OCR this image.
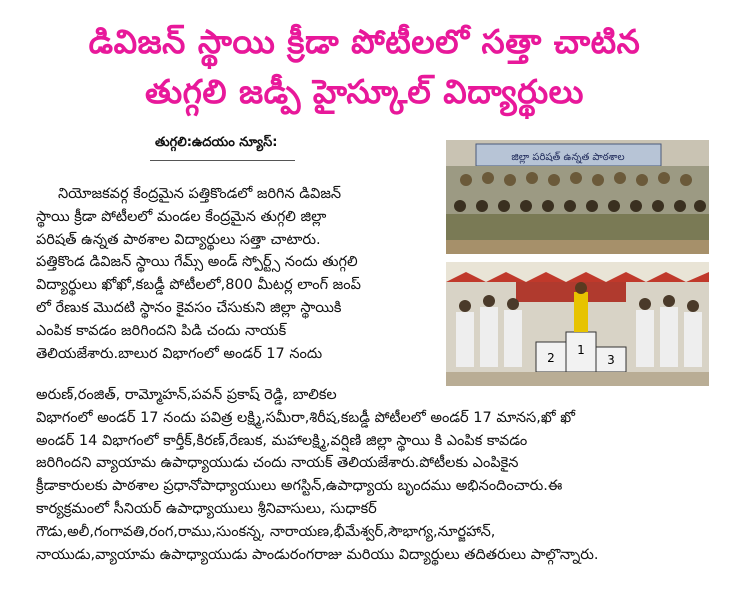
డివిజన్ స్థాయి క్రీడా పోటీలలో సత్తా చాటిన
తుగ్గలి జడ్పీ హైస్కూల్ విద్యార్థులు
తుగ్గలి:ఉదయం న్యూస్:

నియోజకవర్గ కేంద్రమైన పత్తికొండలో జరిగిన డివిజన్

స్థాయి క్రీడా పోటీలలో మండల కేంద్రమైన తుగ్గలి జిల్లా

పరిషత్ ఉన్నత పాఠశాల విద్యార్థులు సత్తా చాటారు.

పత్తికొండ డివిజన్ స్థాయి గేమ్స్ అండ్ స్పోర్ట్స్ నందు తుగ్గలి

విద్యార్థులు ఖోఖో,కబడ్డీ పోటీలలో,800 మీటర్ల లాంగ్ జంప్

లో రేణుక మొదటి స్థానం కైవసం చేసుకుని జిల్లా స్థాయికి

ఎంపిక కావడం జరిగిందని పిడి చందు నాయక్

తెలియజేశారు.బాలుర విభాగంలో అండర్ 17 నందు

అరుణ్,రంజిత్, రామ్మోహన్,పవన్ ప్రకాష్ రెడ్డి, బాలికల

విభాగంలో అండర్ 17 నందు పవిత్ర లక్ష్మి,సమీరా,శిరీష,కబడ్డీ పోటీలలో అండర్ 17 మానస,ఖో ఖో

అండర్ 14 విభాగంలో కార్తీక్,కిరణ్,రేణుక, మహాలక్ష్మి,వర్షిణి జిల్లా స్థాయి కి ఎంపిక కావడం

జరిగిందని వ్యాయామ ఉపాధ్యాయుడు చందు నాయక్ తెలియజేశారు.పోటీలకు ఎంపికైన

క్రీడాకారులకు పాఠశాల ప్రధానోపాధ్యాయులు అగస్టిన్,ఉపాధ్యాయ బృందము అభినందించారు.ఈ

కార్యక్రమంలో సీనియర్ ఉపాధ్యాయులు శ్రీనివాసులు, సుధాకర్

గౌడు,అలీ,గంగావతి,రంగ,రాము,సుంకన్న, నారాయణ,భీమేశ్వర్,సౌభాగ్య,నూర్జహాన్,

నాయుడు,వ్యాయామ ఉపాధ్యాయుడు పాండురంగరాజు మరియు విద్యార్థులు తదితరులు పాల్గొన్నారు.

జిల్లా పరిషత్ ఉన్నత పాఠశాల
2
1
3
